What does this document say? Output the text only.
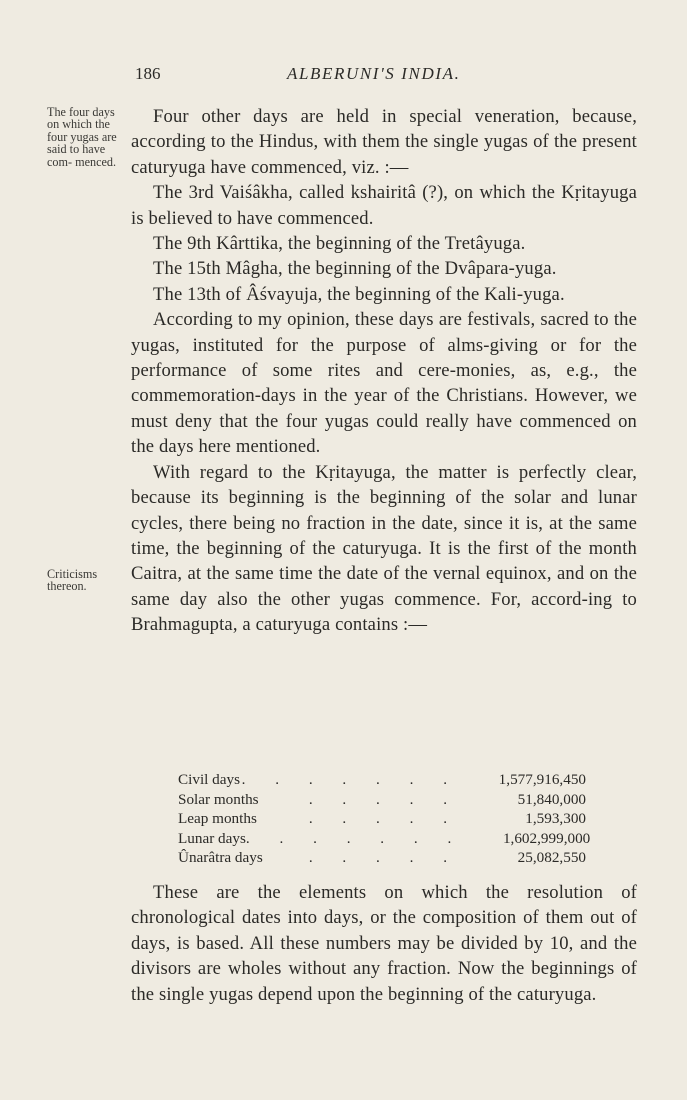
186	ALBERUNI'S INDIA.
The four days on which the four yugas are said to have com- menced.
Criticisms thereon.

Four other days are held in special veneration, because, according to the Hindus, with them the single yugas of the present caturyuga have commenced, viz. :—

The 3rd Vaiśâkha, called kshairitâ (?), on which the Kṛitayuga is believed to have commenced.

The 9th Kârttika, the beginning of the Tretâyuga.

The 15th Mâgha, the beginning of the Dvâpara-yuga.

The 13th of Âśvayuja, the beginning of the Kali-yuga.

According to my opinion, these days are festivals, sacred to the yugas, instituted for the purpose of alms-giving or for the performance of some rites and cere-monies, as, e.g., the commemoration-days in the year of the Christians. However, we must deny that the four yugas could really have commenced on the days here mentioned.

With regard to the Kṛitayuga, the matter is perfectly clear, because its beginning is the beginning of the solar and lunar cycles, there being no fraction in the date, since it is, at the same time, the beginning of the caturyuga. It is the first of the month Caitra, at the same time the date of the vernal equinox, and on the same day also the other yugas commence. For, accord-ing to Brahmagupta, a caturyuga contains :—

Civil days . . . . . . .	1,577,916,450
Solar months	. . . . .	51,840,000
Leap months	. . . . .	1,593,300
Lunar days . . . . . . .	1,602,999,000
Ûnarâtra days	. . . . .	25,082,550

These are the elements on which the resolution of chronological dates into days, or the composition of them out of days, is based. All these numbers may be divided by 10, and the divisors are wholes without any fraction. Now the beginnings of the single yugas depend upon the beginning of the caturyuga.
